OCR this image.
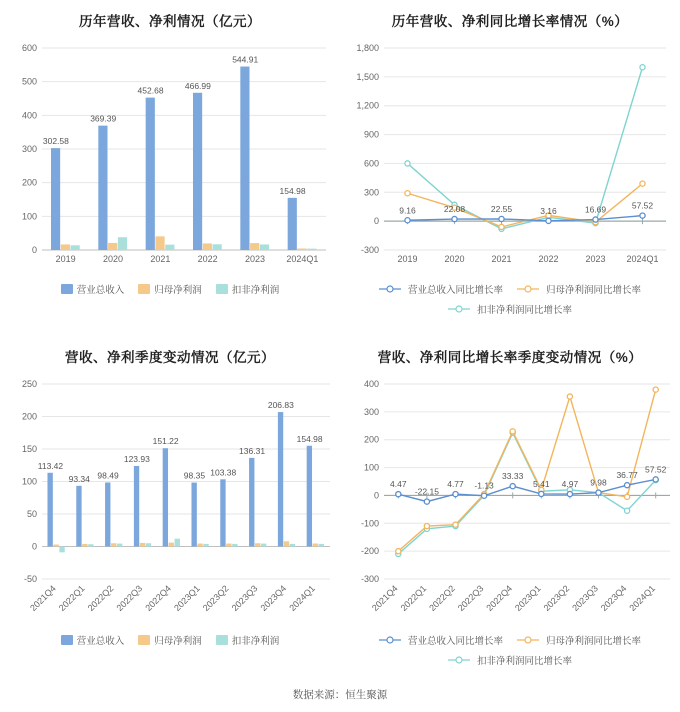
历年营收、净利情况（亿元）
0
100
200
300
400
500
600
2019
302.58
2020
369.39
2021
452.68
2022
466.99
2023
544.91
2024Q1
154.98
营业总收入	归母净利润	扣非净利润
历年营收、净利同比增长率情况（%）
-300
0
300
600
900
1,200
1,500
1,800
2019	2020	2021	2022	2023 2024Q1
9.16	22.08	22.55	3.16	16.69	57.52
营业总收入同比增长率	归母净利润同比增长率
扣非净利润同比增长率
营收、净利季度变动情况（亿元）
-50
0
50
100
150
200
250
2021Q4
113.42
2022Q1
93.34
2022Q2
98.49
2022Q3
123.93
2022Q4
151.22
2023Q1
98.35
2023Q2
103.38
2023Q3
136.31
2023Q4
206.83
2024Q1
154.98
营业总收入	归母净利润	扣非净利润
营收、净利同比增长率季度变动情况（%）
-300
-200
-100
0
100
200
300
400
2021Q4
2022Q1
2022Q2
2022Q3
2022Q4
2023Q1
2023Q2
2023Q3
2023Q4
2024Q1
4.47
-22.15
4.77 -1.13
33.33
5.41 4.97 9.98
36.77
57.52
营业总收入同比增长率	归母净利润同比增长率
扣非净利润同比增长率
数据来源：恒生聚源
